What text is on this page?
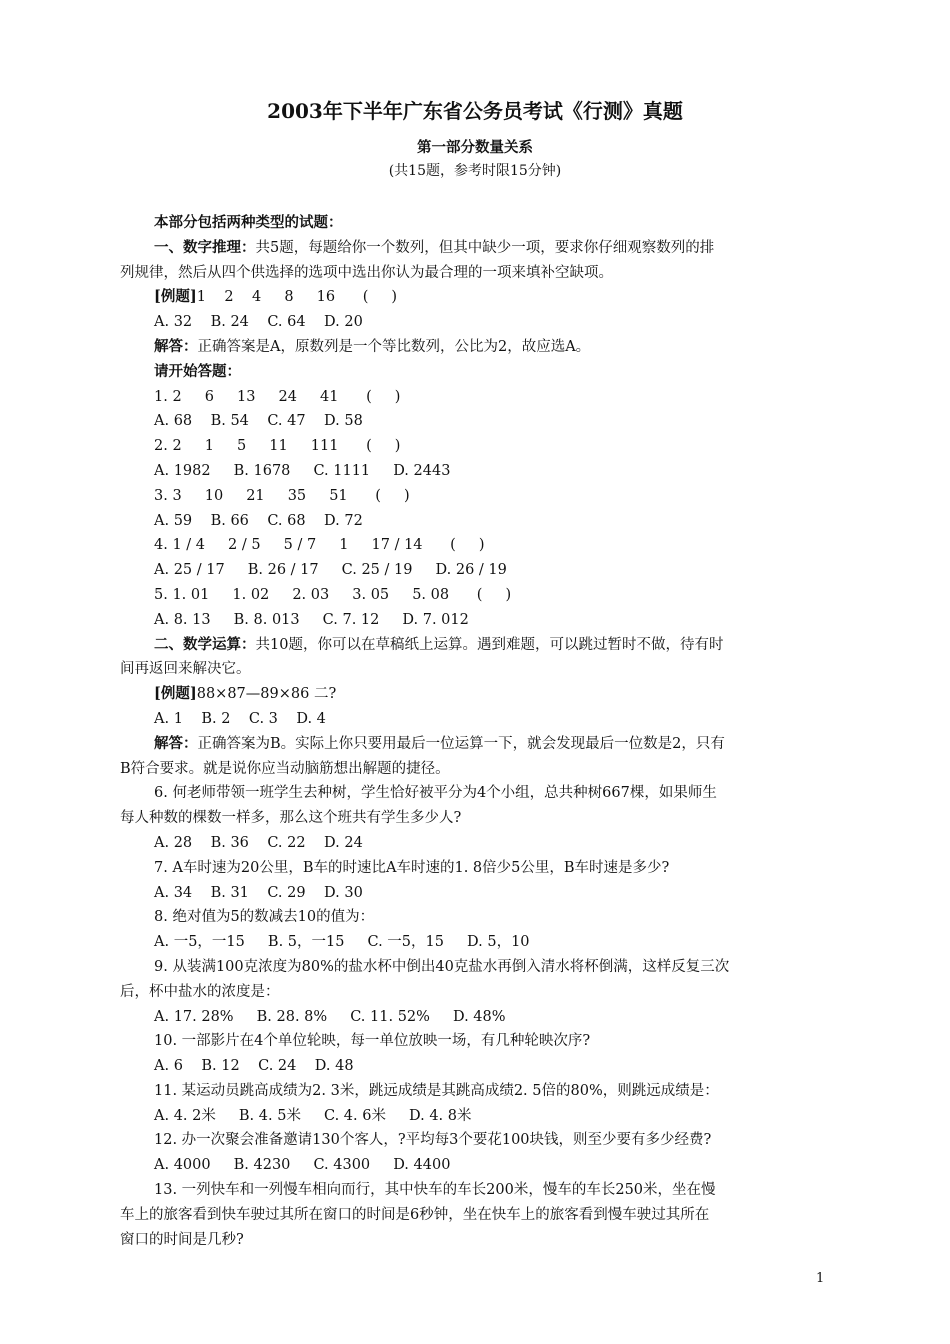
2003年下半年广东省公务员考试《行测》真题
第一部分数量关系
(共15题，参考时限15分钟)
本部分包括两种类型的试题：
一、数字推理：共5题，每题给你一个数列，但其中缺少一项，要求你仔细观察数列的排
列规律，然后从四个供选择的选项中选出你认为最合理的一项来填补空缺项。
[例题]1    2    4     8     16      (     )
A. 32    B. 24    C. 64    D. 20
解答：正确答案是A，原数列是一个等比数列，公比为2，故应选A。
请开始答题：
1. 2     6     13     24     41      (     )
A. 68    B. 54    C. 47    D. 58
2. 2     1     5     11     111      (     )
A. 1982     B. 1678     C. 1111     D. 2443
3. 3     10     21     35     51      (     )
A. 59    B. 66    C. 68    D. 72
4. 1 / 4     2 / 5     5 / 7     1     17 / 14      (     )
A. 25 / 17     B. 26 / 17     C. 25 / 19     D. 26 / 19
5. 1. 01     1. 02     2. 03     3. 05     5. 08      (     )
A. 8. 13     B. 8. 013     C. 7. 12     D. 7. 012
二、数学运算：共10题，你可以在草稿纸上运算。遇到难题，可以跳过暂时不做，待有时
间再返回来解决它。
[例题]88×87—89×86 二?
A. 1    B. 2    C. 3    D. 4
解答：正确答案为B。实际上你只要用最后一位运算一下，就会发现最后一位数是2，只有
B符合要求。就是说你应当动脑筋想出解题的捷径。
6. 何老师带领一班学生去种树，学生恰好被平分为4个小组，总共种树667棵，如果师生
每人种数的棵数一样多，那么这个班共有学生多少人?
A. 28    B. 36    C. 22    D. 24
7. A车时速为20公里，B车的时速比A车时速的1. 8倍少5公里，B车时速是多少?
A. 34    B. 31    C. 29    D. 30
8. 绝对值为5的数减去10的值为：
A. 一5，一15     B. 5，一15     C. 一5，15     D. 5，10
9. 从装满100克浓度为80%的盐水杯中倒出40克盐水再倒入清水将杯倒满，这样反复三次
后，杯中盐水的浓度是：
A. 17. 28%     B. 28. 8%     C. 11. 52%     D. 48%
10. 一部影片在4个单位轮映，每一单位放映一场，有几种轮映次序?
A. 6    B. 12    C. 24    D. 48
11. 某运动员跳高成绩为2. 3米，跳远成绩是其跳高成绩2. 5倍的80%，则跳远成绩是：
A. 4. 2米     B. 4. 5米     C. 4. 6米     D. 4. 8米
12. 办一次聚会准备邀请130个客人，?平均每3个要花100块钱，则至少要有多少经费?
A. 4000     B. 4230     C. 4300     D. 4400
13. 一列快车和一列慢车相向而行，其中快车的车长200米，慢车的车长250米，坐在慢
车上的旅客看到快车驶过其所在窗口的时间是6秒钟，坐在快车上的旅客看到慢车驶过其所在
窗口的时间是几秒?
1
